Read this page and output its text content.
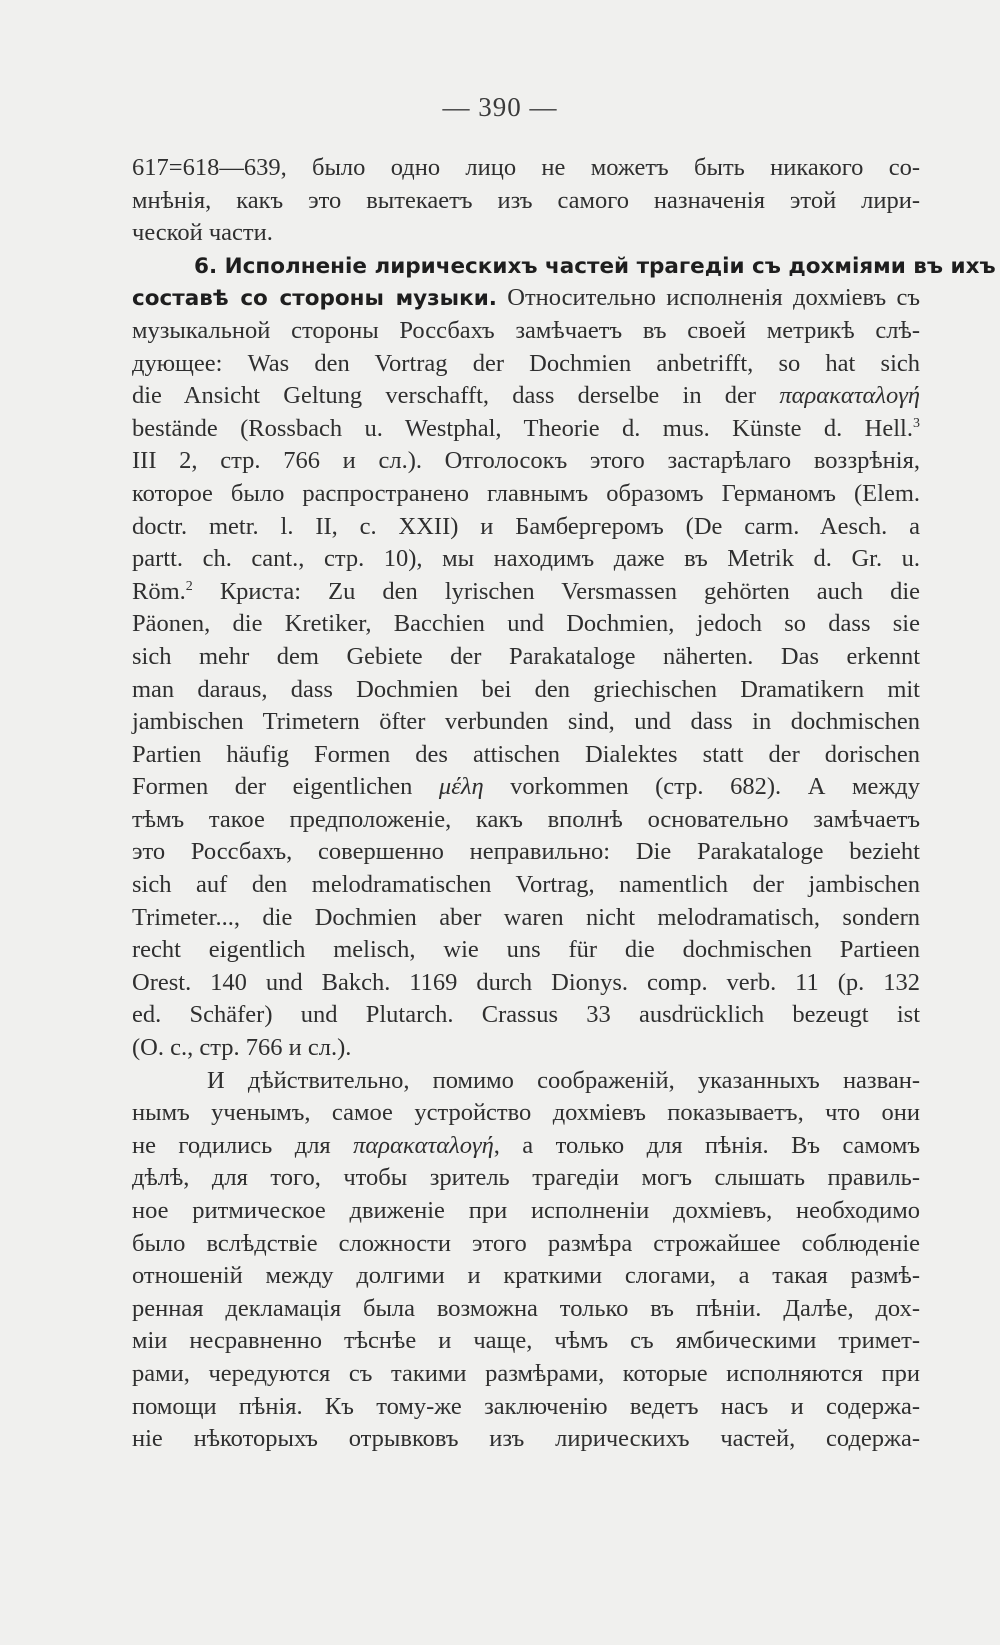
— 390 —
617=618—639, было одно лицо не можетъ быть никакого со-
мнѣнія, какъ это вытекаетъ изъ самого назначенія этой лири-
ческой части.
6. Исполненіе лирическихъ частей трагедіи съ дохміями въ ихъ
составѣ со стороны музыки. Относительно исполненія дохміевъ съ
музыкальной стороны Россбахъ замѣчаетъ въ своей метрикѣ слѣ-
дующее: Was den Vortrag der Dochmien anbetrifft, so hat sich
die Ansicht Geltung verschafft, dass derselbe in der παρακαταλογή
bestände (Rossbach u. Westphal, Theorie d. mus. Künste d. Hell.$^3$
III 2, стр. 766 и сл.). Отголосокъ этого застарѣлаго воззрѣнія,
которое было распространено главнымъ образомъ Германомъ (Elem.
doctr. metr. l. II, c. XXII) и Бамбергеромъ (De carm. Aesch. a
partt. ch. cant., стр. 10), мы находимъ даже въ Metrik d. Gr. u.
Röm.$^2$ Криста: Zu den lyrischen Versmassen gehörten auch die
Päonen, die Kretiker, Bacchien und Dochmien, jedoch so dass sie
sich mehr dem Gebiete der Parakataloge näherten. Das erkennt
man daraus, dass Dochmien bei den griechischen Dramatikern mit
jambischen Trimetern öfter verbunden sind, und dass in dochmischen
Partien häufig Formen des attischen Dialektes statt der dorischen
Formen der eigentlichen μέλη vorkommen (стр. 682). А между
тѣмъ такое предположеніе, какъ вполнѣ основательно замѣчаетъ
это Россбахъ, совершенно неправильно: Die Parakataloge bezieht
sich auf den melodramatischen Vortrag, namentlich der jambischen
Trimeter..., die Dochmien aber waren nicht melodramatisch, sondern
recht eigentlich melisch, wie uns für die dochmischen Partieen
Orest. 140 und Bakch. 1169 durch Dionys. comp. verb. 11 (p. 132
ed. Schäfer) und Plutarch. Crassus 33 ausdrücklich bezeugt ist
(O. c., стр. 766 и сл.).
И дѣйствительно, помимо соображеній, указанныхъ назван-
нымъ ученымъ, самое устройство дохміевъ показываетъ, что они
не годились для παρακαταλογή, а только для пѣнія. Въ самомъ
дѣлѣ, для того, чтобы зритель трагедіи могъ слышать правиль-
ное ритмическое движеніе при исполненіи дохміевъ, необходимо
было вслѣдствіе сложности этого размѣра строжайшее соблюденіе
отношеній между долгими и краткими слогами, а такая размѣ-
ренная декламація была возможна только въ пѣніи. Далѣе, дох-
міи несравненно тѣснѣе и чаще, чѣмъ съ ямбическими тримет-
рами, чередуются съ такими размѣрами, которые исполняются при
помощи пѣнія. Къ тому-же заключенію ведетъ насъ и содержа-
ніе нѣкоторыхъ отрывковъ изъ лирическихъ частей, содержа-
